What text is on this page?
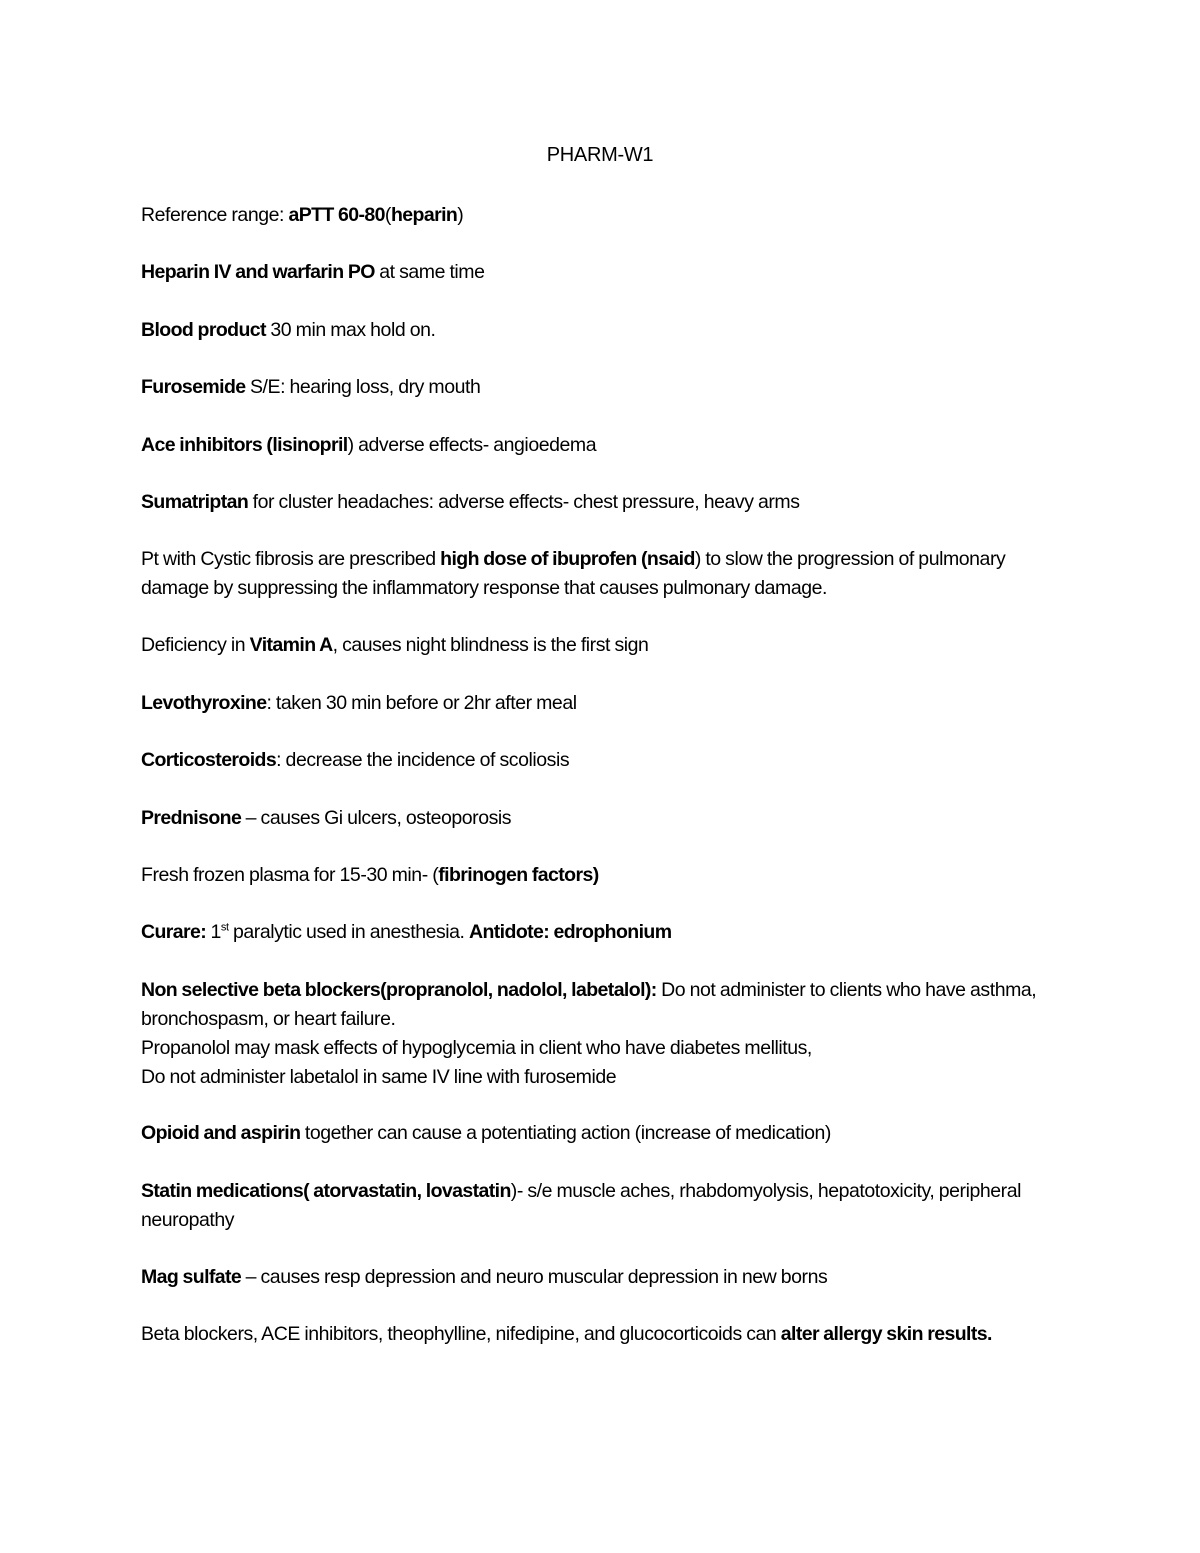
PHARM-W1
Reference range: aPTT 60-80(heparin)
Heparin IV and warfarin PO at same time
Blood product 30 min max hold on.
Furosemide S/E: hearing loss, dry mouth
Ace inhibitors (lisinopril) adverse effects- angioedema
Sumatriptan for cluster headaches: adverse effects- chest pressure, heavy arms
Pt with Cystic fibrosis are prescribed high dose of ibuprofen (nsaid) to slow the progression of pulmonary damage by suppressing the inflammatory response that causes pulmonary damage.
Deficiency in Vitamin A, causes night blindness is the first sign
Levothyroxine: taken 30 min before or 2hr after meal
Corticosteroids: decrease the incidence of scoliosis
Prednisone – causes Gi ulcers, osteoporosis
Fresh frozen plasma for 15-30 min- (fibrinogen factors)
Curare: 1st paralytic used in anesthesia. Antidote: edrophonium
Non selective beta blockers(propranolol, nadolol, labetalol): Do not administer to clients who have asthma, bronchospasm, or heart failure.
Propanolol may mask effects of hypoglycemia in client who have diabetes mellitus,
Do not administer labetalol in same IV line with furosemide
Opioid and aspirin together can cause a potentiating action (increase of medication)
Statin medications( atorvastatin, lovastatin)- s/e muscle aches, rhabdomyolysis, hepatotoxicity, peripheral neuropathy
Mag sulfate – causes resp depression and neuro muscular depression in new borns
Beta blockers, ACE inhibitors, theophylline, nifedipine, and glucocorticoids can alter allergy skin results.
